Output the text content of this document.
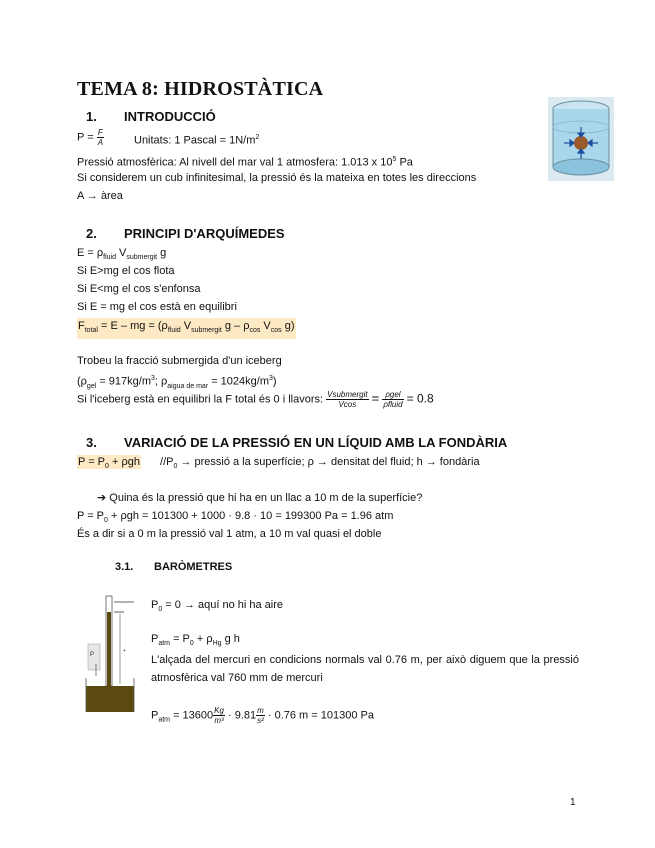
TEMA 8: HIDROSTÀTICA
1. INTRODUCCIÓ
$P = \frac{F}{A}$	Unitats: 1 Pascal = $1N/m^2$
Pressió atmosfèrica: Al nivell del mar val 1 atmosfera: 1.013 x $10^5$ Pa
Si considerem un cub infinitesimal, la pressió és la mateixa en totes les direccions
A → àrea
2. PRINCIPI D'ARQUÍMEDES
$E = \rho_{fluid}$ $V_{submergit}$ g
Si E>mg el cos flota
Si E<mg el cos s'enfonsa
Si E = mg el cos està en equilibri
$F_{total} = E$ – mg = ($\rho_{fluid}$ $V_{submergit}$ g – $\rho_{cos}$ $V_{cos}$ g)
Trobeu la fracció submergida d'un iceberg
($\rho_{gel} = 917kg/m^3$; $\rho_{aigua de mar} = 1024kg/m^3$)
Si l'iceberg està en equilibri la F total és 0 i llavors: $\frac{\text{Vsubmergit}}{Vcos} = \frac{\text{ρgel}}{\text{ρfluid}} = 0.8$
3. VARIACIÓ DE LA PRESSIÓ EN UN LÍQUID AMB LA FONDÀRIA
$P = P_0 + \rho gh$ $//P_0$ → pressió a la superfície; ρ → densitat del fluid; h → fondària
➔ Quina és la pressió que hi ha en un llac a 10 m de la superfície?
$P = P_0 + \rho gh = 101300 + 1000 \cdot 9.8 \cdot 10 = 199300$ Pa = 1.96 atm
És a dir si a 0 m la pressió val 1 atm, a 10 m val quasi el doble
3.1. BARÒMETRES
+
P
$P_0 = 0$ → aquí no hi ha aire
$P_{atm} = P_0 + \rho_{Hg}$ g h
L'alçada del mercuri en condicions normals val 0.76 m, per això diguem que la pressió atmosfèrica val 760 mm de mercuri
$P_{atm} = 13600 \frac{Kg}{\text{m³}} \cdot 9.81 \frac{m}{\text{s²}} \cdot 0.76$ m = 101300 Pa
1
